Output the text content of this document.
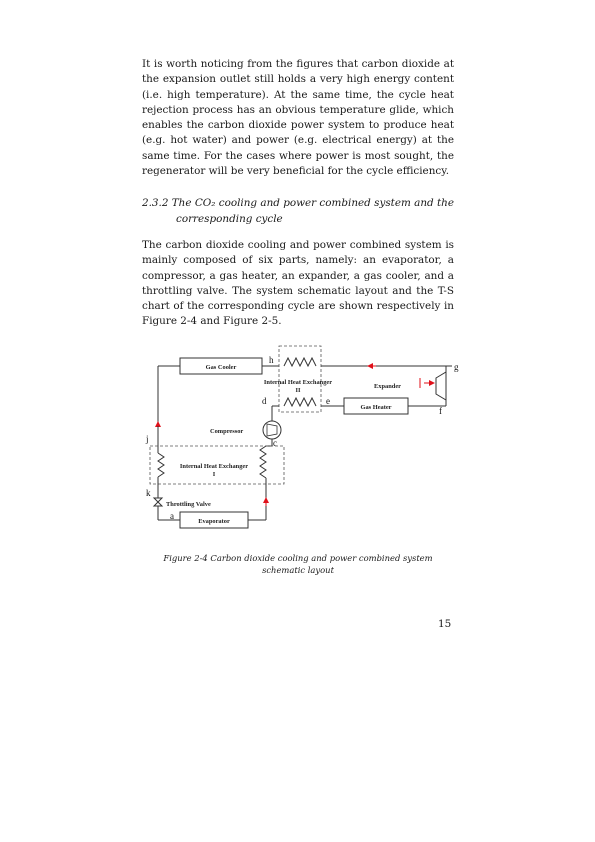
It is worth noticing from the figures that carbon dioxide at the expansion outlet still holds a very high energy content (i.e. high temperature). At the same time, the cycle heat rejection process has an obvious temperature glide, which enables the carbon dioxide power system to produce heat (e.g. hot water) and power (e.g. electrical energy) at the same time. For the cases where power is most sought, the regenerator will be very beneficial for the cycle efficiency.

2.3.2 The CO₂ cooling and power combined system and the
corresponding cycle

The carbon dioxide cooling and power combined system is mainly composed of six parts, namely: an evaporator, a compressor, a gas heater, an expander, a gas cooler, and a throttling valve. The system schematic layout and the T-S chart of the corresponding cycle are shown respectively in Figure 2-4 and Figure 2-5.

Gas Cooler
h
Internal Heat Exchanger
II
g
Expander
f
Gas Heater
e
d
Compressor
c
j
Internal Heat Exchanger
I
k
Throttling Valve
a
Evaporator

Figure 2-4 Carbon dioxide cooling and power combined system schematic layout

15
